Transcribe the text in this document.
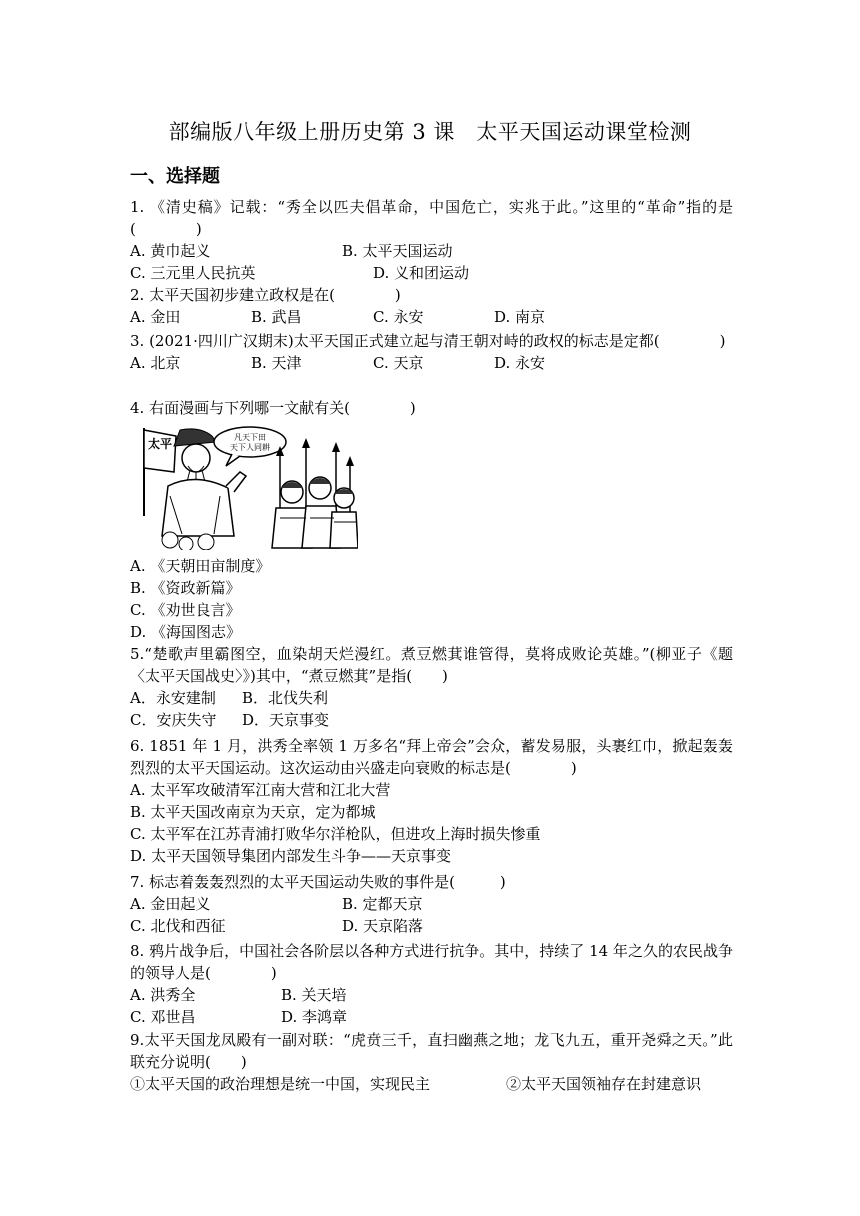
部编版八年级上册历史第 3 课　太平天国运动课堂检测
一、选择题

1. 《清史稿》记载：“秀全以匹夫倡革命，中国危亡，实兆于此。”这里的“革命”指的是(　　　　)

A. 黄巾起义	B. 太平天国运动
C. 三元里人民抗英	D. 义和团运动

2. 太平天国初步建立政权是在(　　　　)

A. 金田	B. 武昌	C. 永安	D. 南京

3. (2021·四川广汉期末)太平天国正式建立起与清王朝对峙的政权的标志是定都(　　　　)

A. 北京	B. 天津	C. 天京	D. 永安

4. 右面漫画与下列哪一文献有关(　　　　)

太平	凡天下田
天下人同耕
A. 《天朝田亩制度》
B. 《资政新篇》
C. 《劝世良言》
D. 《海国图志》

5.“楚歌声里霸图空，血染胡天烂漫红。煮豆燃萁谁管得，莫将成败论英雄。”(柳亚子《题〈太平天国战史〉》)其中，“煮豆燃萁”是指(　　)

A．永安建制 B．北伐失利
C．安庆失守 D．天京事变

6. 1851 年 1 月，洪秀全率领 1 万多名“拜上帝会”会众，蓄发易服，头裹红巾，掀起轰轰烈烈的太平天国运动。这次运动由兴盛走向衰败的标志是(　　　　)

A. 太平军攻破清军江南大营和江北大营
B. 太平天国改南京为天京，定为都城
C. 太平军在江苏青浦打败华尔洋枪队，但进攻上海时损失惨重
D. 太平天国领导集团内部发生斗争——天京事变

7. 标志着轰轰烈烈的太平天国运动失败的事件是(　　　)

A. 金田起义	B. 定都天京
C. 北伐和西征	D. 天京陷落

8. 鸦片战争后，中国社会各阶层以各种方式进行抗争。其中，持续了 14 年之久的农民战争的领导人是(　　　　)

A. 洪秀全	B. 关天培
C. 邓世昌	D. 李鸿章

9.太平天国龙凤殿有一副对联：“虎贲三千，直扫幽燕之地；龙飞九五，重开尧舜之天。”此联充分说明(　　)

①太平天国的政治理想是统一中国，实现民主	②太平天国领袖存在封建意识
